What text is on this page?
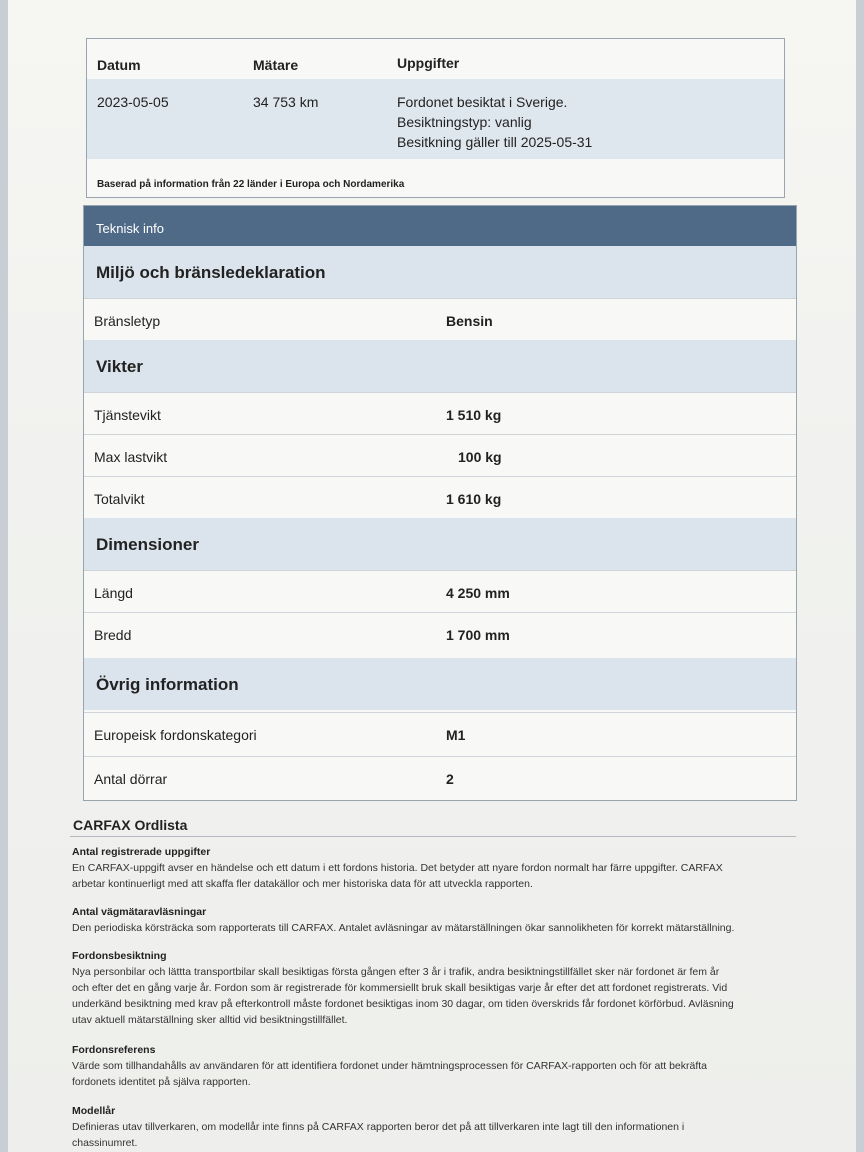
Datum	Mätare	Uppgifter
2023-05-05	34 753 km	Fordonet besiktat i Sverige.
Besiktningstyp: vanlig
Besitkning gäller till 2025-05-31
Baserad på information från 22 länder i Europa och Nordamerika
Teknisk info
Miljö och bränsledeklaration
Bränsletyp	Bensin
Vikter
Tjänstevikt	1 510 kg
Max lastvikt	100 kg
Totalvikt	1 610 kg
Dimensioner
Längd	4 250 mm
Bredd	1 700 mm
Övrig information
Europeisk fordonskategori	M1
Antal dörrar	2
CARFAX Ordlista
Antal registrerade uppgifter
En CARFAX-uppgift avser en händelse och ett datum i ett fordons historia. Det betyder att nyare fordon normalt har färre uppgifter. CARFAX
arbetar kontinuerligt med att skaffa fler datakällor och mer historiska data för att utveckla rapporten.
Antal vägmätaravläsningar
Den periodiska körsträcka som rapporterats till CARFAX. Antalet avläsningar av mätarställningen ökar sannolikheten för korrekt mätarställning.
Fordonsbesiktning
Nya personbilar och lättta transportbilar skall besiktigas första gången efter 3 år i trafik, andra besiktningstillfället sker när fordonet är fem år
och efter det en gång varje år. Fordon som är registrerade för kommersiellt bruk skall besiktigas varje år efter det att fordonet registrerats. Vid
underkänd besiktning med krav på efterkontroll måste fordonet besiktigas inom 30 dagar, om tiden överskrids får fordonet körförbud. Avläsning
utav aktuell mätarställning sker alltid vid besiktningstillfället.
Fordonsreferens
Värde som tillhandahålls av användaren för att identifiera fordonet under hämtningsprocessen för CARFAX-rapporten och för att bekräfta
fordonets identitet på själva rapporten.
Modellår
Definieras utav tillverkaren, om modellår inte finns på CARFAX rapporten beror det på att tillverkaren inte lagt till den informationen i
chassinumret.
